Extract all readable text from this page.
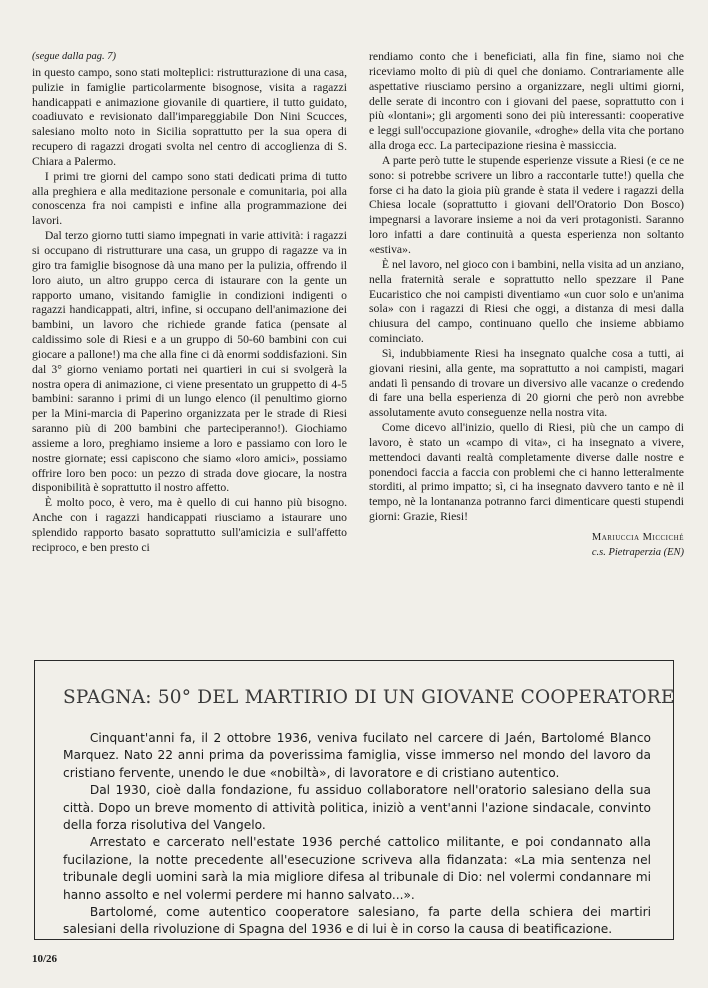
(segue dalla pag. 7)

in questo campo, sono stati molteplici: ristrutturazione di una casa, pulizie in famiglie particolarmente bisognose, visita a ragazzi handicappati e animazione giovanile di quartiere, il tutto guidato, coadiuvato e revisionato dall'impareggiabile Don Nini Scucces, salesiano molto noto in Sicilia soprattutto per la sua opera di recupero di ragazzi drogati svolta nel centro di accoglienza di S. Chiara a Palermo.

I primi tre giorni del campo sono stati dedicati prima di tutto alla preghiera e alla meditazione personale e comunitaria, poi alla conoscenza fra noi campisti e infine alla programmazione dei lavori.

Dal terzo giorno tutti siamo impegnati in varie attività: i ragazzi si occupano di ristrutturare una casa, un gruppo di ragazze va in giro tra famiglie bisognose dà una mano per la pulizia, offrendo il loro aiuto, un altro gruppo cerca di istaurare con la gente un rapporto umano, visitando famiglie in condizioni indigenti o ragazzi handicappati, altri, infine, si occupano dell'animazione dei bambini, un lavoro che richiede grande fatica (pensate al caldissimo sole di Riesi e a un gruppo di 50-60 bambini con cui giocare a pallone!) ma che alla fine ci dà enormi soddisfazioni. Sin dal 3° giorno veniamo portati nei quartieri in cui si svolgerà la nostra opera di animazione, ci viene presentato un gruppetto di 4-5 bambini: saranno i primi di un lungo elenco (il penultimo giorno per la Mini-marcia di Paperino organizzata per le strade di Riesi saranno più di 200 bambini che parteciperanno!). Giochiamo assieme a loro, preghiamo insieme a loro e passiamo con loro le nostre giornate; essi capiscono che siamo «loro amici», possiamo offrire loro ben poco: un pezzo di strada dove giocare, la nostra disponibilità è soprattutto il nostro affetto.

È molto poco, è vero, ma è quello di cui hanno più bisogno. Anche con i ragazzi handicappati riusciamo a istaurare uno splendido rapporto basato soprattutto sull'amicizia e sull'affetto reciproco, e ben presto ci

rendiamo conto che i beneficiati, alla fin fine, siamo noi che riceviamo molto di più di quel che doniamo. Contrariamente alle aspettative riusciamo persino a organizzare, negli ultimi giorni, delle serate di incontro con i giovani del paese, soprattutto con i più «lontani»; gli argomenti sono dei più interessanti: cooperative e leggi sull'occupazione giovanile, «droghe» della vita che portano alla droga ecc. La partecipazione riesina è massiccia.

A parte però tutte le stupende esperienze vissute a Riesi (e ce ne sono: si potrebbe scrivere un libro a raccontarle tutte!) quella che forse ci ha dato la gioia più grande è stata il vedere i ragazzi della Chiesa locale (soprattutto i giovani dell'Oratorio Don Bosco) impegnarsi a lavorare insieme a noi da veri protagonisti. Saranno loro infatti a dare continuità a questa esperienza non soltanto «estiva».

È nel lavoro, nel gioco con i bambini, nella visita ad un anziano, nella fraternità serale e soprattutto nello spezzare il Pane Eucaristico che noi campisti diventiamo «un cuor solo e un'anima sola» con i ragazzi di Riesi che oggi, a distanza di mesi dalla chiusura del campo, continuano quello che insieme abbiamo cominciato.

Sì, indubbiamente Riesi ha insegnato qualche cosa a tutti, ai giovani riesini, alla gente, ma soprattutto a noi campisti, magari andati lì pensando di trovare un diversivo alle vacanze o credendo di fare una bella esperienza di 20 giorni che però non avrebbe assolutamente avuto conseguenze nella nostra vita.

Come dicevo all'inizio, quello di Riesi, più che un campo di lavoro, è stato un «campo di vita», ci ha insegnato a vivere, mettendoci davanti realtà completamente diverse dalle nostre e ponendoci faccia a faccia con problemi che ci hanno letteralmente storditi, al primo impatto; sì, ci ha insegnato davvero tanto e nè il tempo, nè la lontananza potranno farci dimenticare questi stupendi giorni: Grazie, Riesi!

Mariuccia Micciché
c.s. Pietraperzia (EN)
SPAGNA: 50° DEL MARTIRIO DI UN GIOVANE COOPERATORE

Cinquant'anni fa, il 2 ottobre 1936, veniva fucilato nel carcere di Jaén, Bartolomé Blanco Marquez. Nato 22 anni prima da poverissima famiglia, visse immerso nel mondo del lavoro da cristiano fervente, unendo le due «nobiltà», di lavoratore e di cristiano autentico.

Dal 1930, cioè dalla fondazione, fu assiduo collaboratore nell'oratorio salesiano della sua città. Dopo un breve momento di attività politica, iniziò a vent'anni l'azione sindacale, convinto della forza risolutiva del Vangelo.

Arrestato e carcerato nell'estate 1936 perché cattolico militante, e poi condannato alla fucilazione, la notte precedente all'esecuzione scriveva alla fidanzata: «La mia sentenza nel tribunale degli uomini sarà la mia migliore difesa al tribunale di Dio: nel volermi condannare mi hanno assolto e nel volermi perdere mi hanno salvato...».

Bartolomé, come autentico cooperatore salesiano, fa parte della schiera dei martiri salesiani della rivoluzione di Spagna del 1936 e di lui è in corso la causa di beatificazione.

10/26
